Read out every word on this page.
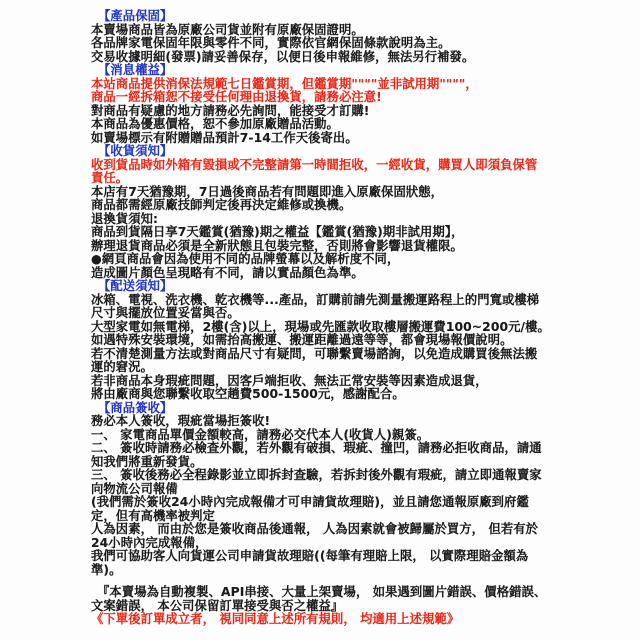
【產品保固】
本賣場商品皆為原廠公司貨並附有原廠保固證明。
各品牌家電保固年限與零件不同，實際依官網保固條款說明為主。
交易收據明細(發票)請妥善保存，以便日後申報維修，無法另行補發。
【消息權益】
本站商品提供消保法規範七日鑑賞期，但鑑賞期""""並非試用期""""，
商品一經拆箱恕不接受任何理由退換貨，請務必注意!
對商品有疑慮的地方請務必先詢問，能接受才訂購!
本商品為優惠價格，恕不參加原廠贈品活動。
如賣場標示有附贈贈品預計7-14工作天後寄出。
【收貨須知】
收到貨品時如外箱有毀損或不完整請第一時間拒收，一經收貨，購買人即須負保管
責任。
本店有7天猶豫期，7日過後商品若有問題即進入原廠保固狀態，
商品都需經原廠技師判定後再決定維修或換機。
退換貨須知:
商品到貨隔日享7天鑑賞(猶豫)期之權益【鑑賞(猶豫)期非試用期】，
辦理退貨商品必須是全新狀態且包裝完整，否則將會影響退貨權限。
●網頁商品會因為使用不同的品牌螢幕以及解析度不同，
造成圖片顏色呈現略有不同，請以實品顏色為準。
【配送須知】
冰箱、電視、洗衣機、乾衣機等...產品，訂購前請先測量搬運路程上的門寬或樓梯
尺寸與擺放位置妥當與否。
大型家電如無電梯，2樓(含)以上，現場或先匯款收取樓層搬運費100~200元/樓。
如遇特殊安裝環境，如需抬高搬運、搬運距離過遠等等，都會現場報價說明。
若不清楚測量方法或對商品尺寸有疑問，可聯繫賣場諮詢，以免造成購買後無法搬
運的窘況。
若非商品本身瑕疵問題，因客戶端拒收、無法正常安裝等因素造成退貨，
將由廠商與您聯繫收取空趟費500-1500元，感謝配合。
【商品簽收】
務必本人簽收，瑕疵當場拒簽收!
一、 家電商品單價金額較高，請務必交代本人(收貨人)親簽。
二、 簽收時請務必檢查外觀，若外觀有破損、瑕疵、撞凹，請務必拒收商品，請通
知我們將重新發貨。
三、 簽收後務必全程錄影並立即拆封查驗，若拆封後外觀有瑕疵，請立即通報賣家
向物流公司報備
(我們需於簽收24小時內完成報備才可申請貨故理賠)，並且請您通報原廠到府鑑
定，但有高機率被判定
人為因素， 而由於您是簽收商品後通報， 人為因素就會被歸屬於買方， 但若有於
24小時內完成報備，
我們可協助客人向貨運公司申請貨故理賠((每筆有理賠上限， 以實際理賠金額為
準)。
『本賣場為自動複製、API串接、大量上架賣場， 如果遇到圖片錯誤、價格錯誤、
文案錯誤， 本公司保留訂單接受與否之權益』
《下單後訂單成立者， 視同同意上述所有規則， 均適用上述規範》
